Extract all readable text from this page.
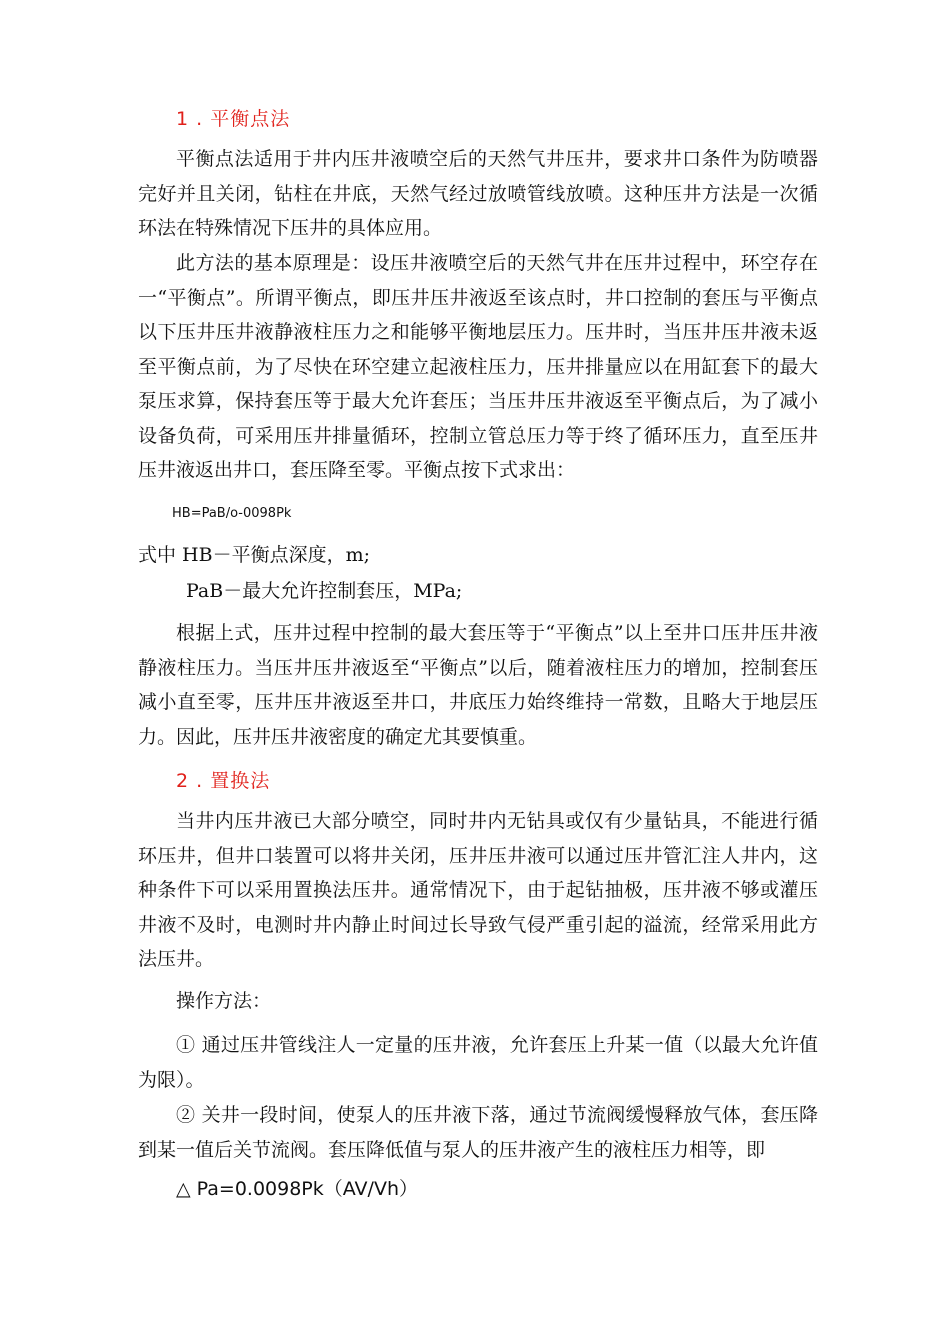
1 . 平衡点法

平衡点法适用于井内压井液喷空后的天然气井压井，要求井口条件为防喷器完好并且关闭，钻柱在井底，天然气经过放喷管线放喷。这种压井方法是一次循环法在特殊情况下压井的具体应用。

此方法的基本原理是：设压井液喷空后的天然气井在压井过程中，环空存在一“平衡点”。所谓平衡点，即压井压井液返至该点时，井口控制的套压与平衡点以下压井压井液静液柱压力之和能够平衡地层压力。压井时，当压井压井液未返至平衡点前，为了尽快在环空建立起液柱压力，压井排量应以在用缸套下的最大泵压求算，保持套压等于最大允许套压；当压井压井液返至平衡点后，为了减小设备负荷，可采用压井排量循环，控制立管总压力等于终了循环压力，直至压井压井液返出井口，套压降至零。平衡点按下式求出：

HB=PaB/o-0098Pk
式中 HB－平衡点深度，m;
PaB－最大允许控制套压，MPa;

根据上式，压井过程中控制的最大套压等于“平衡点”以上至井口压井压井液静液柱压力。当压井压井液返至“平衡点”以后，随着液柱压力的增加，控制套压减小直至零，压井压井液返至井口，井底压力始终维持一常数，且略大于地层压力。因此，压井压井液密度的确定尤其要慎重。

2 . 置换法

当井内压井液已大部分喷空，同时井内无钻具或仅有少量钻具，不能进行循环压井，但井口装置可以将井关闭，压井压井液可以通过压井管汇注人井内，这种条件下可以采用置换法压井。通常情况下，由于起钻抽极，压井液不够或灌压井液不及时，电测时井内静止时间过长导致气侵严重引起的溢流，经常采用此方法压井。

操作方法：

① 通过压井管线注人一定量的压井液，允许套压上升某一值（以最大允许值为限）。

② 关井一段时间，使泵人的压井液下落，通过节流阀缓慢释放气体，套压降到某一值后关节流阀。套压降低值与泵人的压井液产生的液柱压力相等，即

△ Pa=0.0098Pk（AV/Vh）
